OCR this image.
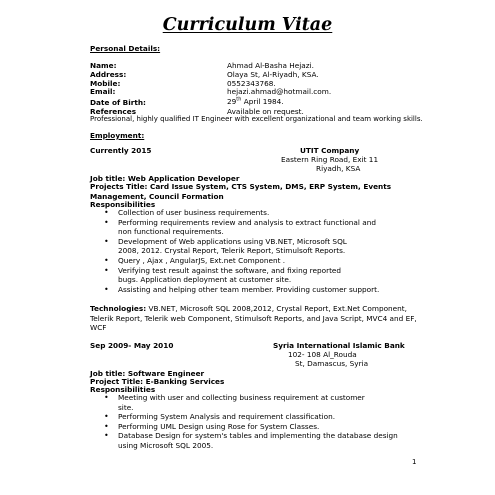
Curriculum Vitae
Personal Details:
Name:	Ahmad Al-Basha Hejazi.
Address:	Olaya St, Al-Riyadh, KSA.
Mobile:	0552343768.
Email:	hejazi.ahmad@hotmail.com.
Date of Birth:	29th April 1984.
References	Available on request.
Professional, highly qualified IT Engineer with excellent organizational and team working skills.
Employment:
Currently 2015	UTIT Company
Eastern Ring Road, Exit 11
Riyadh, KSA
Job title: Web Application Developer
Projects Title: Card Issue System, CTS System, DMS, ERP System, Events
Management, Council Formation
Responsibilities
• Collection of user business requirements.
• Performing requirements review and analysis to extract functional and
non functional requirements.
• Development of Web applications using VB.NET, Microsoft SQL
2008, 2012. Crystal Report, Telerik Report, Stimulsoft Reports.
• Query , Ajax , AngularJS, Ext.net Component .
• Verifying test result against the software, and fixing reported
bugs. Application deployment at customer site.
• Assisting and helping other team member. Providing customer support.
Technologies: VB.NET, Microsoft SQL 2008,2012, Crystal Report, Ext.Net Component, Telerik Report, Telerik web Component, Stimulsoft Reports, and Java Script, MVC4 and EF, WCF
Sep 2009- May 2010	Syria International Islamic Bank
102- 108 Al_Rouda
St, Damascus, Syria
Job title: Software Engineer
Project Title: E-Banking Services
Responsibilities
• Meeting with user and collecting business requirement at customer
site.
• Performing System Analysis and requirement classification.
• Performing UML Design using Rose for System Classes.
• Database Design for system's tables and implementing the database design
using Microsoft SQL 2005.
1
